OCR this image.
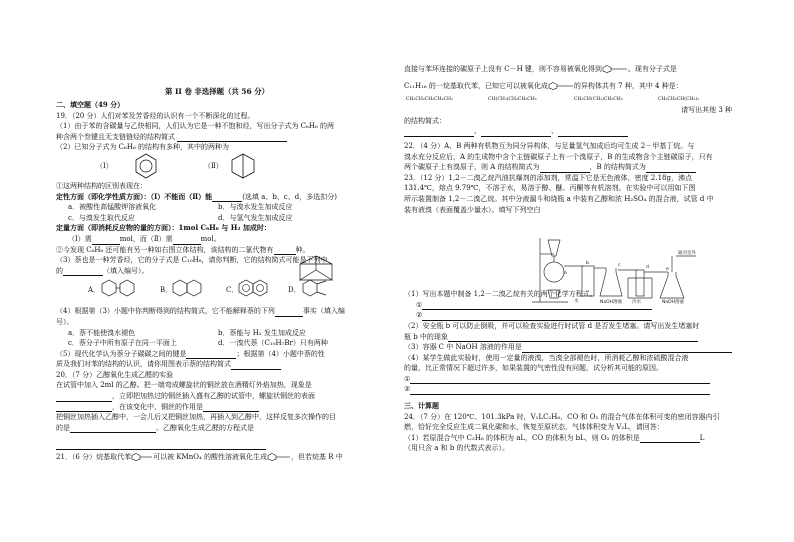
第 II 卷 非选择题（共 56 分）

二、填空题（49 分）

19．（20 分）人们对苯及芳香烃的认识有一个不断深化的过程。

（1）由于苯的含碳量与乙炔相同，人们认为它是一种不饱和烃，写出分子式为 C₆H₆ 的两

种含两个叁键且无支链链烃的结构简式

（2）已知分子式为 C₆H₆ 的结构有多种，其中的两种为

（Ⅰ）	（Ⅱ）

①这两种结构的区别表现在：

定性方面（即化学性质方面）：（Ⅰ）不能而（Ⅱ）能	(选填 a、b、c、d，多选扣分)

a．被酸性高锰酸钾溶液氧化	b．与溴水发生加成反应

c．与溴发生取代反应	d．与氢气发生加成反应

定量方面（即消耗反应物的量的方面）：1mol C₆H₆ 与 H₂ 加成时：

（Ⅰ）需	mol，而（Ⅱ）需	mol。

②今发现 C₆H₆ 还可能有另一种如右图立体结构，该结构的二氯代物有	种。

（3）萘也是一种芳香烃，它的分子式是 C₁₀H₈，请你判断，它的结构简式可能是下列中

的	（填入编号）。

A．	B．	C．	D．

（4）根据第（3）小题中你判断得到的结构简式，它不能解释萘的下列	事实（填入编

号）。

a．萘不能使溴水褪色	b．萘能与 H₂ 发生加成反应

c．萘分子中所有原子在同一平面上	d．一溴代萘（C₁₀H₇Br）只有两种

（5）现代化学认为萘分子碳碳之间的键是	；根据第（4）小题中萘的性

质及我们对苯的结构的认识，请你用图表示萘的结构简式

20．（7 分）乙醇氧化生成乙醛的实验

在试管中加入 2ml 的乙醇。把一端弯成螺旋状的铜丝放在酒精灯外焰加热，现象是

，立即把加热过的铜丝插入盛有乙醇的试管中，螺旋状铜丝的表面

，在该变化中，铜丝的作用是

把铜丝加热插入乙醇中，一会儿后又把铜丝加热，再插入到乙醇中，这样反复多次操作的目

的是	。乙醇氧化生成乙醛的方程式是

21．（6 分）烷基取代苯	可以被 KMnO₄ 的酸性溶液氧化生成	，但若烷基 R 中

直接与苯环连接的碳原子上没有 C－H 键，则不容易被氧化得到	。现有分子式是

C₁₁H₁₆ 的一烷基取代苯，已知它可以被氧化成	的异构体共有 7 种，其中 4 种是：

CH₂CH₂CH₂CH₂CH₃	CH(CH₃)CH₂CH₂CH₃	CH₂CH(CH₃)CH₂CH₃	CH₂CH₂CH(CH₃)₂

请写出其他 3 种

的结构简式：

、	、

22．（4 分）A、B 两种有机物互为同分异构体，与足量氢气加成后均可生成 2－甲基丁烷。与

溴水充分反应后，A 的生成物中含个主链碳原子上有一个溴原子，B 的生成物含个主链碳原子，只有

两个碳原子上有溴原子，则 A 的结构简式为	，B 的结构简式为

23．（12 分）1,2－二溴乙烷汽油抗爆剂的添加剂，常温下它是无色液体，密度 2.18g，沸点

131.4℃，熔点 9.79℃，不溶于水，易溶于醇、醚、丙酮等有机溶剂。在实验中可以用如下图

所示装置制备 1,2－二溴乙烷。其中分液漏斗和烧瓶 a 中装有乙醇和浓 H₂SO₄ 的混合液，试管 d 中

装有液溴（表面覆盖少量水）。填写下列空白

（1）写出本题中制备 1,2－二溴乙烷有关的两个化学方程式。

①

②

（2）安全瓶 b 可以防止倒吸，并可以检查实验进行时试管 d 是否发生堵塞。请写出发生堵塞时

瓶 b 中的现象

（3）容器 C 中 NaOH 溶液的作用是

（4）某学生做此实验时，使用一定量的液溴，当溴全部褪色时，所消耗乙醇和浓硫酸混合液

的量，比正常情况下超过许多，如果装置的气密性没有问题，试分析其可能的原因。

①

②

三、计算题

24．（7 分）在 120℃、101.3kPa 时，V₁LC₂H₆、CO 和 O₂ 的混合气体在体积可变的密闭容器内引

燃，恰好完全反应生成二氧化碳和水，恢复至原状态，气体体积变为 V₂L，请回答：

（1）若原混合气中 C₂H₆ 的体积为 aL，CO 的体积为 bL，则 O₂ 的体积是	L

（用只含 a 和 b 的代数式表示）。

a
b	c	d	e
水	NaOH溶液 冷水	NaOH溶液
通向室外
